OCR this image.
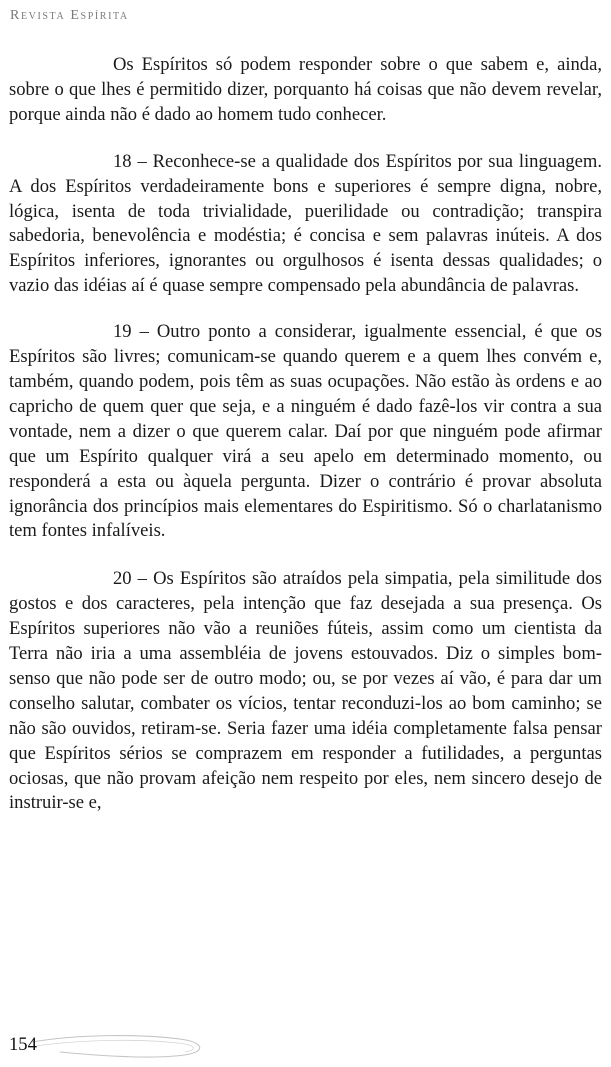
Revista Espírita

Os Espíritos só podem responder sobre o que sabem e, ainda, sobre o que lhes é permitido dizer, porquanto há coisas que não devem revelar, porque ainda não é dado ao homem tudo conhecer.

18 – Reconhece-se a qualidade dos Espíritos por sua linguagem. A dos Espíritos verdadeiramente bons e superiores é sempre digna, nobre, lógica, isenta de toda trivialidade, puerilidade ou contradição; transpira sabedoria, benevolência e modéstia; é concisa e sem palavras inúteis. A dos Espíritos inferiores, ignorantes ou orgulhosos é isenta dessas qualidades; o vazio das idéias aí é quase sempre compensado pela abundância de palavras.

19 – Outro ponto a considerar, igualmente essencial, é que os Espíritos são livres; comunicam-se quando querem e a quem lhes convém e, também, quando podem, pois têm as suas ocupações. Não estão às ordens e ao capricho de quem quer que seja, e a ninguém é dado fazê-los vir contra a sua vontade, nem a dizer o que querem calar. Daí por que ninguém pode afirmar que um Espírito qualquer virá a seu apelo em determinado momento, ou responderá a esta ou àquela pergunta. Dizer o contrário é provar absoluta ignorância dos princípios mais elementares do Espiritismo. Só o charlatanismo tem fontes infalíveis.

20 – Os Espíritos são atraídos pela simpatia, pela similitude dos gostos e dos caracteres, pela intenção que faz desejada a sua presença. Os Espíritos superiores não vão a reuniões fúteis, assim como um cientista da Terra não iria a uma assembléia de jovens estouvados. Diz o simples bom-senso que não pode ser de outro modo; ou, se por vezes aí vão, é para dar um conselho salutar, combater os vícios, tentar reconduzi-los ao bom caminho; se não são ouvidos, retiram-se. Seria fazer uma idéia completamente falsa pensar que Espíritos sérios se comprazem em responder a futilidades, a perguntas ociosas, que não provam afeição nem respeito por eles, nem sincero desejo de instruir-se e,

154
